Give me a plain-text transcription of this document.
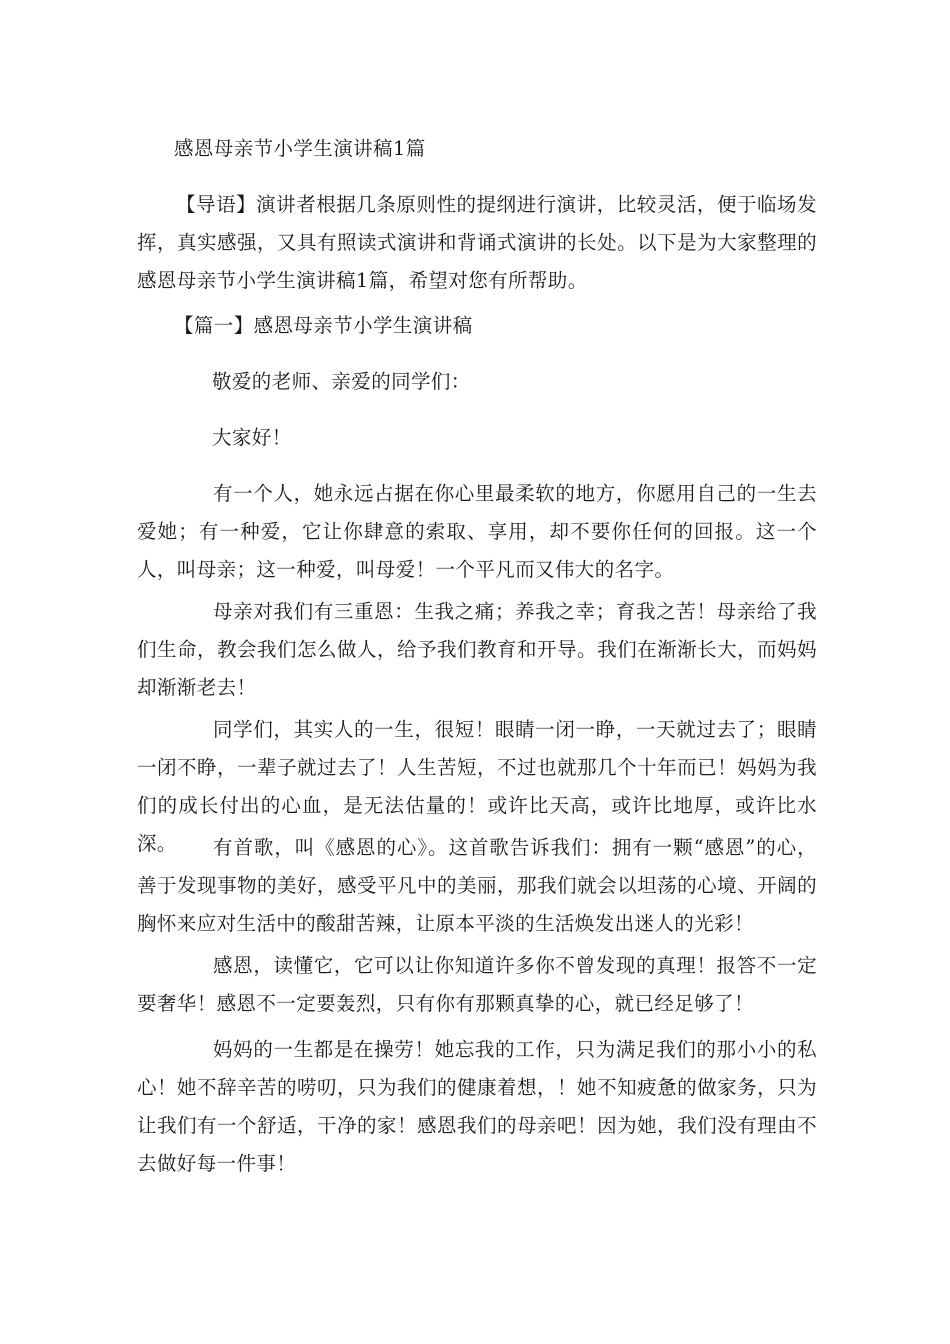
感恩母亲节小学生演讲稿1篇

【导语】演讲者根据几条原则性的提纲进行演讲，比较灵活，便于临场发挥，真实感强，又具有照读式演讲和背诵式演讲的长处。以下是为大家整理的感恩母亲节小学生演讲稿1篇，希望对您有所帮助。

【篇一】感恩母亲节小学生演讲稿

敬爱的老师、亲爱的同学们：

大家好！

有一个人，她永远占据在你心里最柔软的地方，你愿用自己的一生去爱她；有一种爱，它让你肆意的索取、享用，却不要你任何的回报。这一个人，叫母亲；这一种爱，叫母爱！一个平凡而又伟大的名字。

母亲对我们有三重恩：生我之痛；养我之幸；育我之苦！母亲给了我们生命，教会我们怎么做人，给予我们教育和开导。我们在渐渐长大，而妈妈却渐渐老去！

同学们，其实人的一生，很短！眼睛一闭一睁，一天就过去了；眼睛一闭不睁，一辈子就过去了！人生苦短，不过也就那几个十年而已！妈妈为我们的成长付出的心血，是无法估量的！或许比天高，或许比地厚，或许比水深。	有首歌，叫《感恩的心》。这首歌告诉我们：拥有一颗“感恩”的心，善于发现事物的美好，感受平凡中的美丽，那我们就会以坦荡的心境、开阔的胸怀来应对生活中的酸甜苦辣，让原本平淡的生活焕发出迷人的光彩！

感恩，读懂它，它可以让你知道许多你不曾发现的真理！报答不一定要奢华！感恩不一定要轰烈，只有你有那颗真挚的心，就已经足够了！

妈妈的一生都是在操劳！她忘我的工作，只为满足我们的那小小的私心！她不辞辛苦的唠叨，只为我们的健康着想，！她不知疲惫的做家务，只为让我们有一个舒适，干净的家！感恩我们的母亲吧！因为她，我们没有理由不去做好每一件事！
